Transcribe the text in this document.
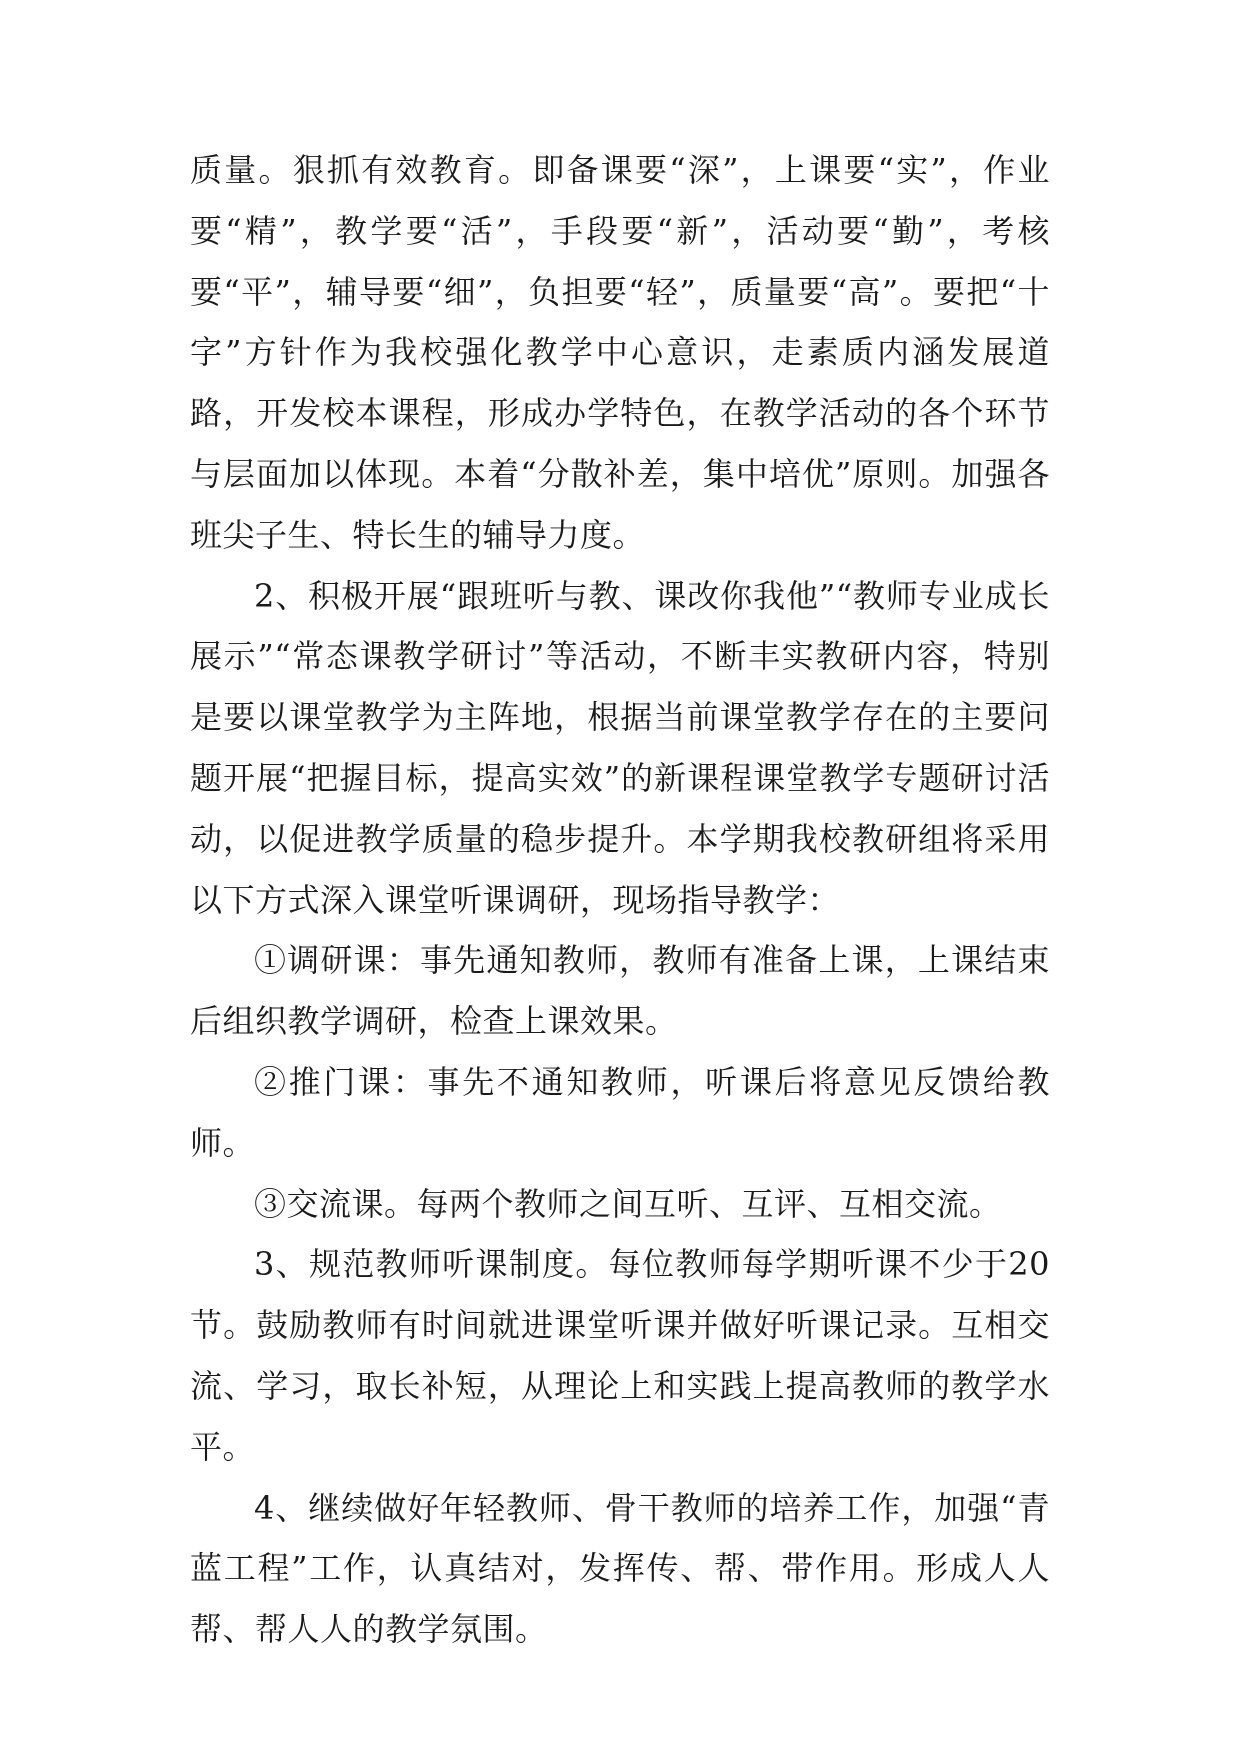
质量。狠抓有效教育。即备课要“深”，上课要“实”，作业要“精”，教学要“活”，手段要“新”，活动要“勤”，考核要“平”，辅导要“细”，负担要“轻”，质量要“高”。要把“十字”方针作为我校强化教学中心意识，走素质内涵发展道路，开发校本课程，形成办学特色，在教学活动的各个环节与层面加以体现。本着“分散补差，集中培优”原则。加强各班尖子生、特长生的辅导力度。

2、积极开展“跟班听与教、课改你我他”“教师专业成长展示”“常态课教学研讨”等活动，不断丰实教研内容，特别是要以课堂教学为主阵地，根据当前课堂教学存在的主要问题开展“把握目标，提高实效”的新课程课堂教学专题研讨活动，以促进教学质量的稳步提升。本学期我校教研组将采用以下方式深入课堂听课调研，现场指导教学：

①调研课：事先通知教师，教师有准备上课，上课结束后组织教学调研，检查上课效果。

②推门课：事先不通知教师，听课后将意见反馈给教师。

③交流课。每两个教师之间互听、互评、互相交流。

3、规范教师听课制度。每位教师每学期听课不少于20节。鼓励教师有时间就进课堂听课并做好听课记录。互相交流、学习，取长补短，从理论上和实践上提高教师的教学水平。

4、继续做好年轻教师、骨干教师的培养工作，加强“青蓝工程”工作，认真结对，发挥传、帮、带作用。形成人人帮、帮人人的教学氛围。
